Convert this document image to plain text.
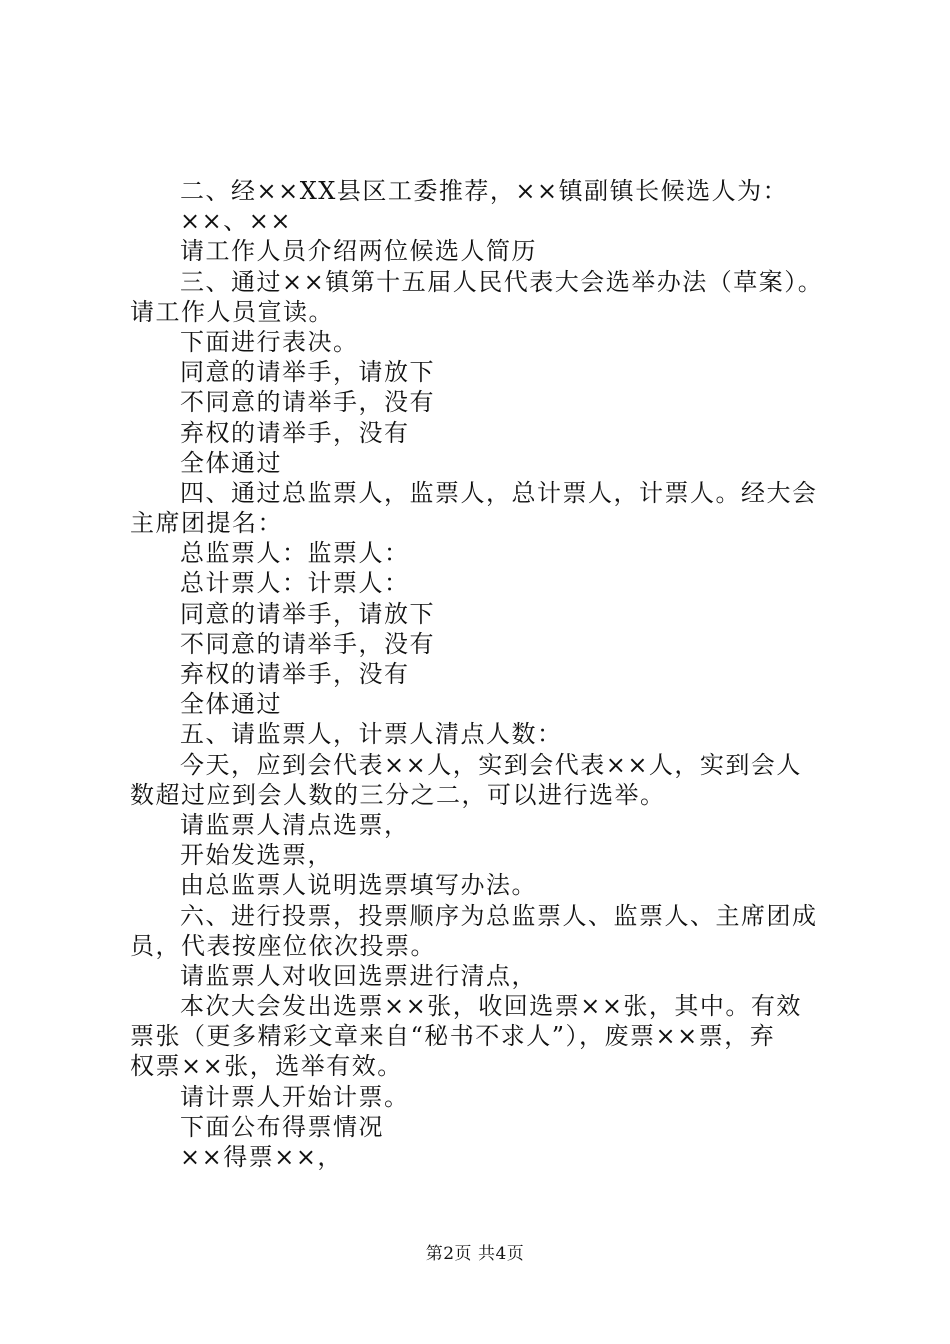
二、经××XX县区工委推荐，××镇副镇长候选人为：
××、××
请工作人员介绍两位候选人简历
三、通过××镇第十五届人民代表大会选举办法（草案）。
请工作人员宣读。
下面进行表决。
同意的请举手，请放下
不同意的请举手，没有
弃权的请举手，没有
全体通过
四、通过总监票人，监票人，总计票人，计票人。经大会
主席团提名：
总监票人：监票人：
总计票人：计票人：
同意的请举手，请放下
不同意的请举手，没有
弃权的请举手，没有
全体通过
五、请监票人，计票人清点人数：
今天，应到会代表××人，实到会代表××人，实到会人
数超过应到会人数的三分之二，可以进行选举。
请监票人清点选票，
开始发选票，
由总监票人说明选票填写办法。
六、进行投票，投票顺序为总监票人、监票人、主席团成
员，代表按座位依次投票。
请监票人对收回选票进行清点，
本次大会发出选票××张，收回选票××张，其中。有效
票张（更多精彩文章来自“秘书不求人”），废票××票，弃
权票××张，选举有效。
请计票人开始计票。
下面公布得票情况
××得票××，
第2页 共4页
